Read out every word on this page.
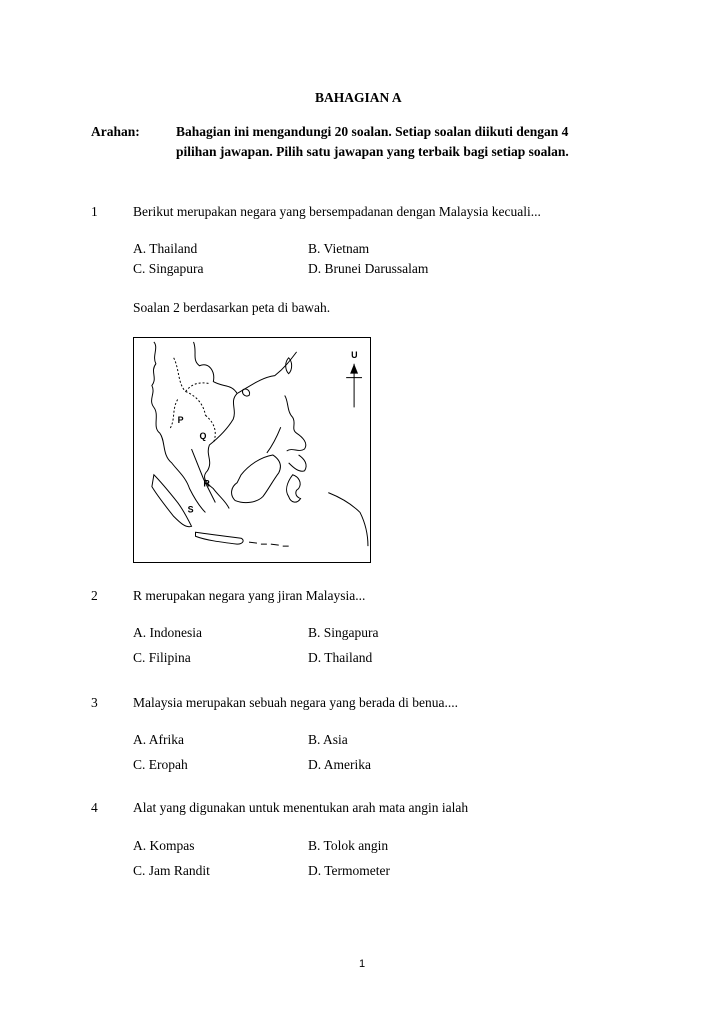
BAHAGIAN A
Arahan:	Bahagian ini mengandungi 20 soalan. Setiap soalan diikuti dengan 4
pilihan jawapan. Pilih satu jawapan yang terbaik bagi setiap soalan.
1	Berikut merupakan negara yang bersempadanan dengan Malaysia kecuali...
A. Thailand	B. Vietnam
C. Singapura	D. Brunei Darussalam
Soalan 2 berdasarkan peta di bawah.
U
P
Q
R
S
2	R merupakan negara yang jiran Malaysia...
A. Indonesia	B. Singapura
C. Filipina	D. Thailand
3	Malaysia merupakan sebuah negara yang berada di benua....
A. Afrika	B. Asia
C. Eropah	D. Amerika
4	Alat yang digunakan untuk menentukan arah mata angin ialah
A. Kompas	B. Tolok angin
C. Jam Randit	D. Termometer
1
